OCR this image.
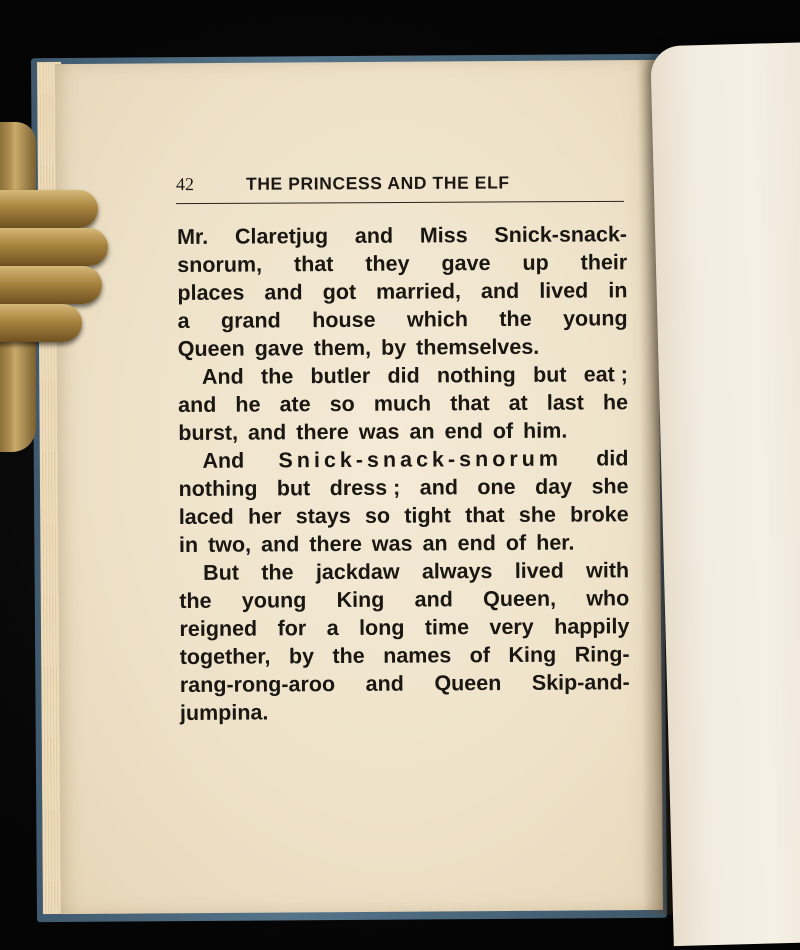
42	THE PRINCESS AND THE ELF
Mr. Claretjug and Miss Snick-snack-
snorum, that they gave up their
places and got married, and lived in
a grand house which the young
Queen gave them, by themselves.
And the butler did nothing but eat ;
and he ate so much that at last he
burst, and there was an end of him.
And Snick-snack-snorum did
nothing but dress ; and one day she
laced her stays so tight that she broke
in two, and there was an end of her.
But the jackdaw always lived with
the young King and Queen, who
reigned for a long time very happily
together, by the names of King Ring-
rang-rong-aroo and Queen Skip-and-
jumpina.
